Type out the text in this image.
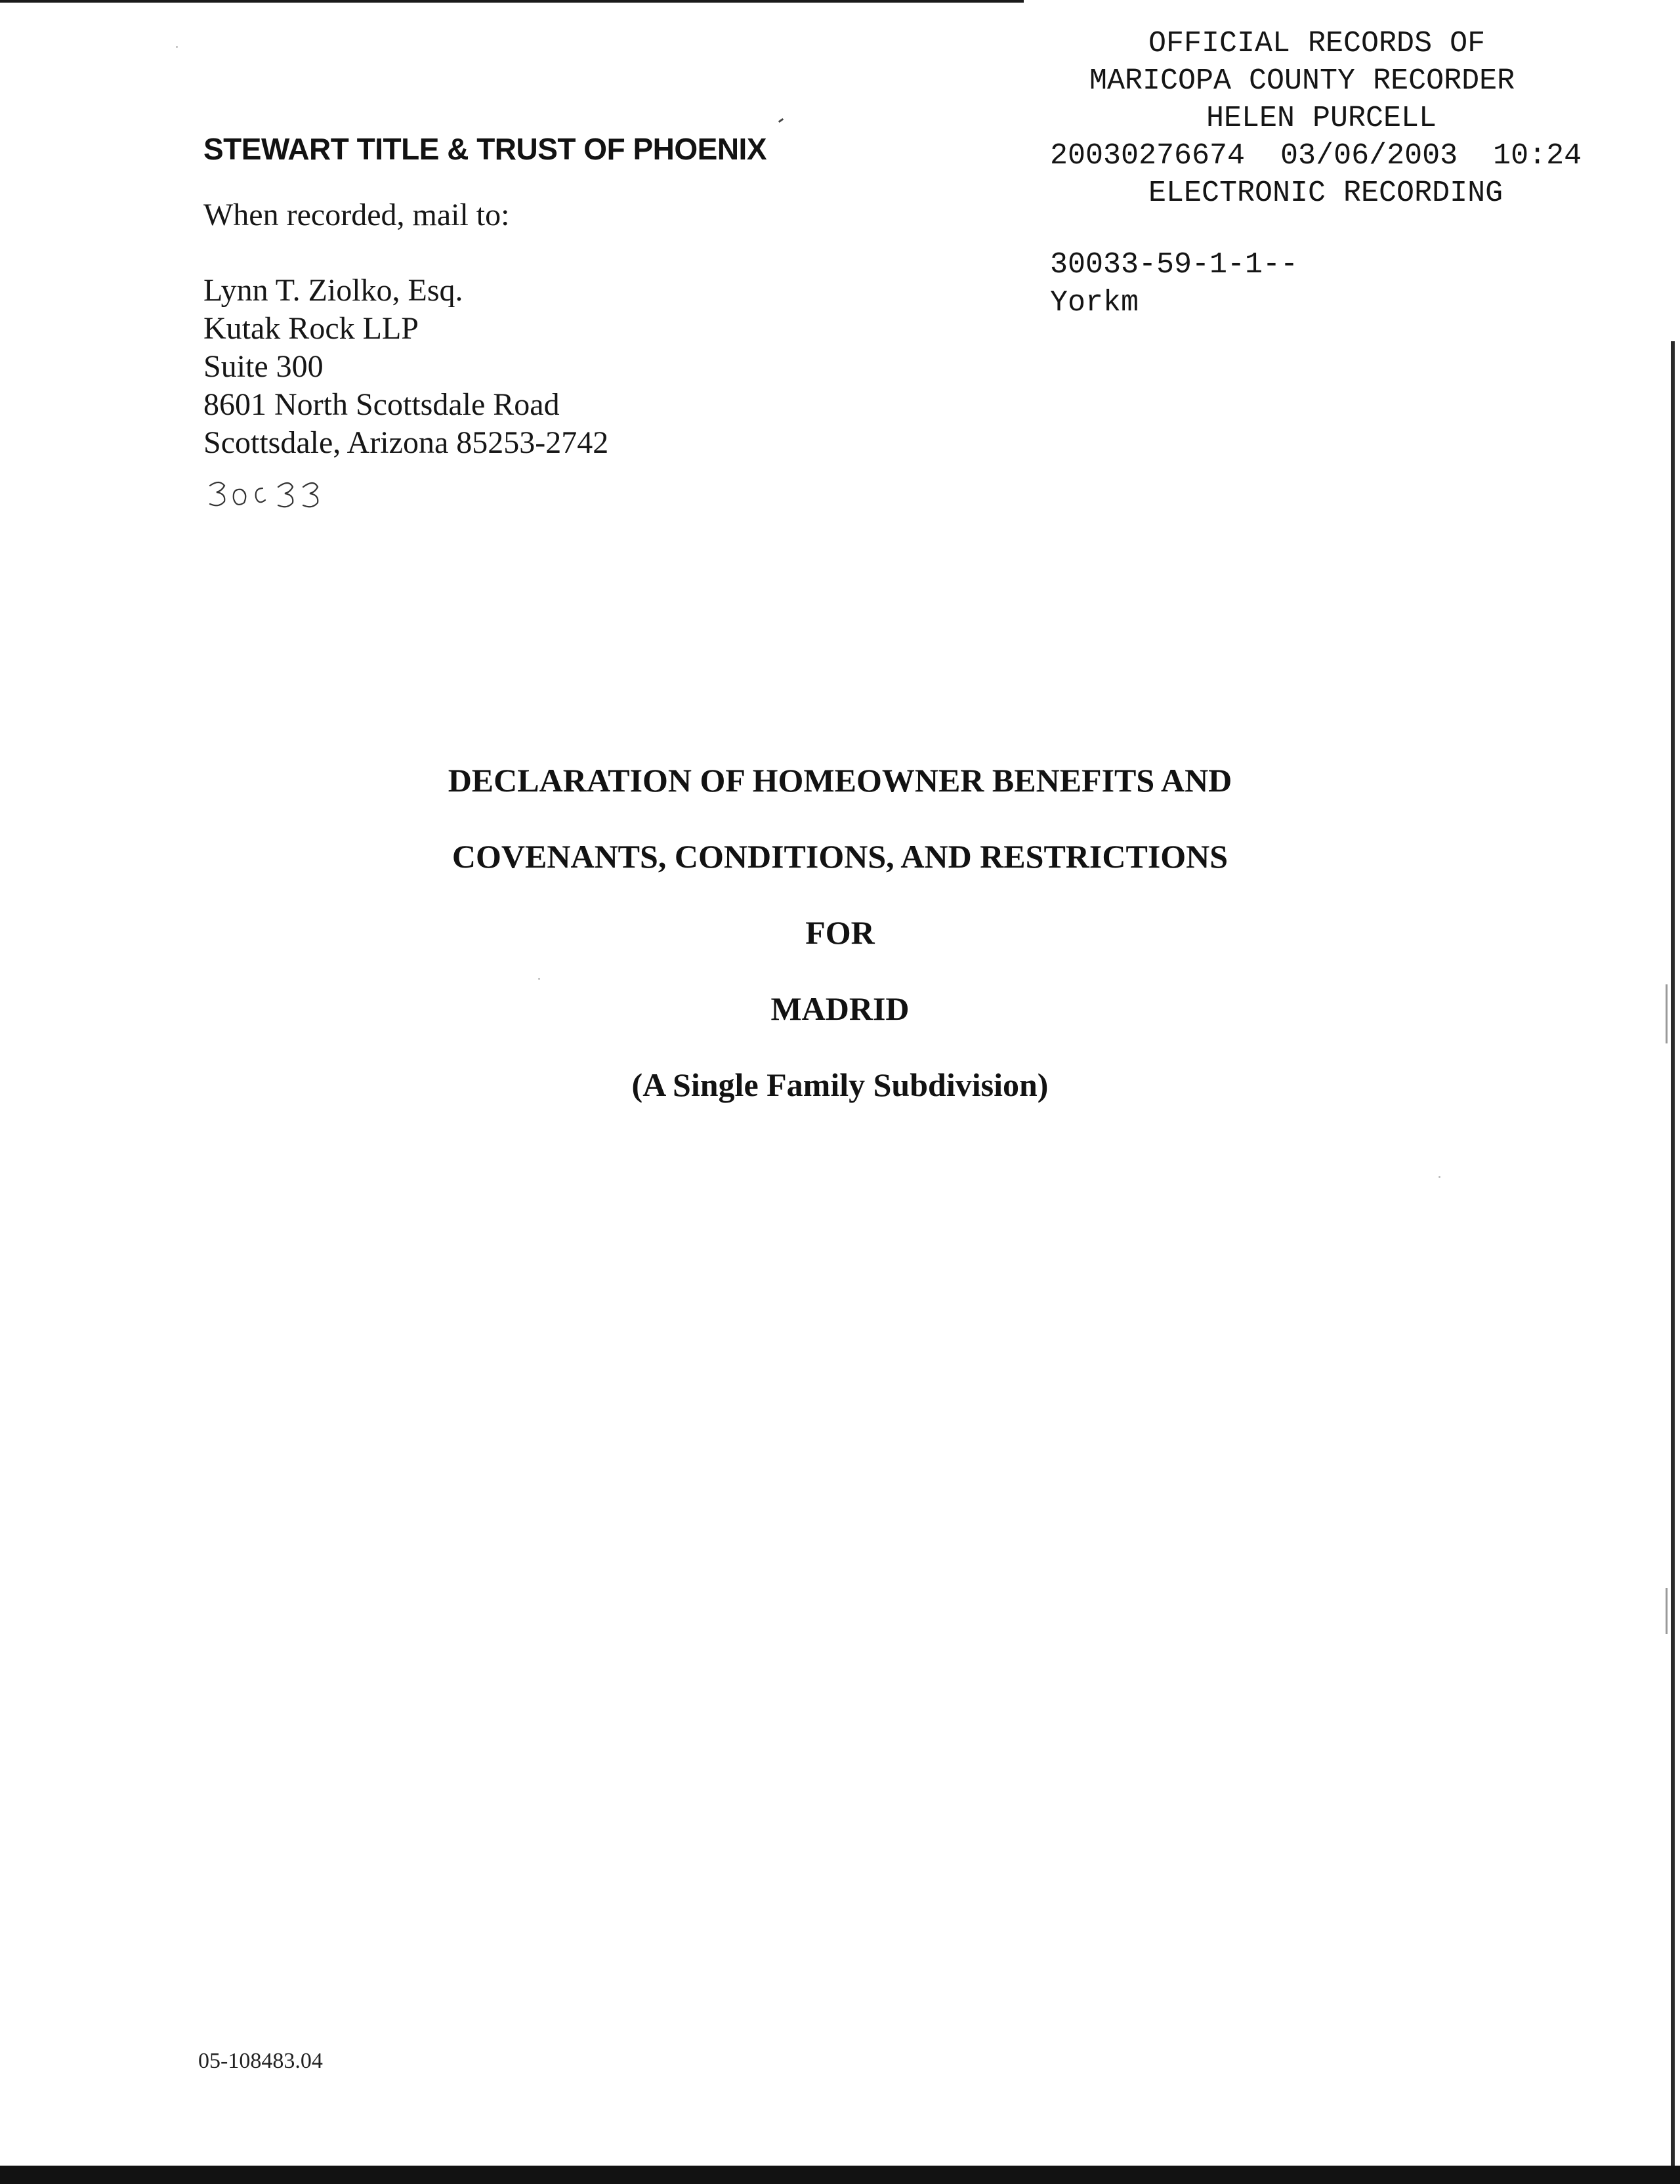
OFFICIAL RECORDS OF
MARICOPA COUNTY RECORDER
HELEN PURCELL
20030276674  03/06/2003  10:24
ELECTRONIC RECORDING
30033-59-1-1--
Yorkm
STEWART TITLE & TRUST OF PHOENIX
When recorded, mail to:
Lynn T. Ziolko, Esq.
Kutak Rock LLP
Suite 300
8601 North Scottsdale Road
Scottsdale, Arizona 85253-2742
DECLARATION OF HOMEOWNER BENEFITS AND
COVENANTS, CONDITIONS, AND RESTRICTIONS
FOR
MADRID
(A Single Family Subdivision)
05-108483.04
